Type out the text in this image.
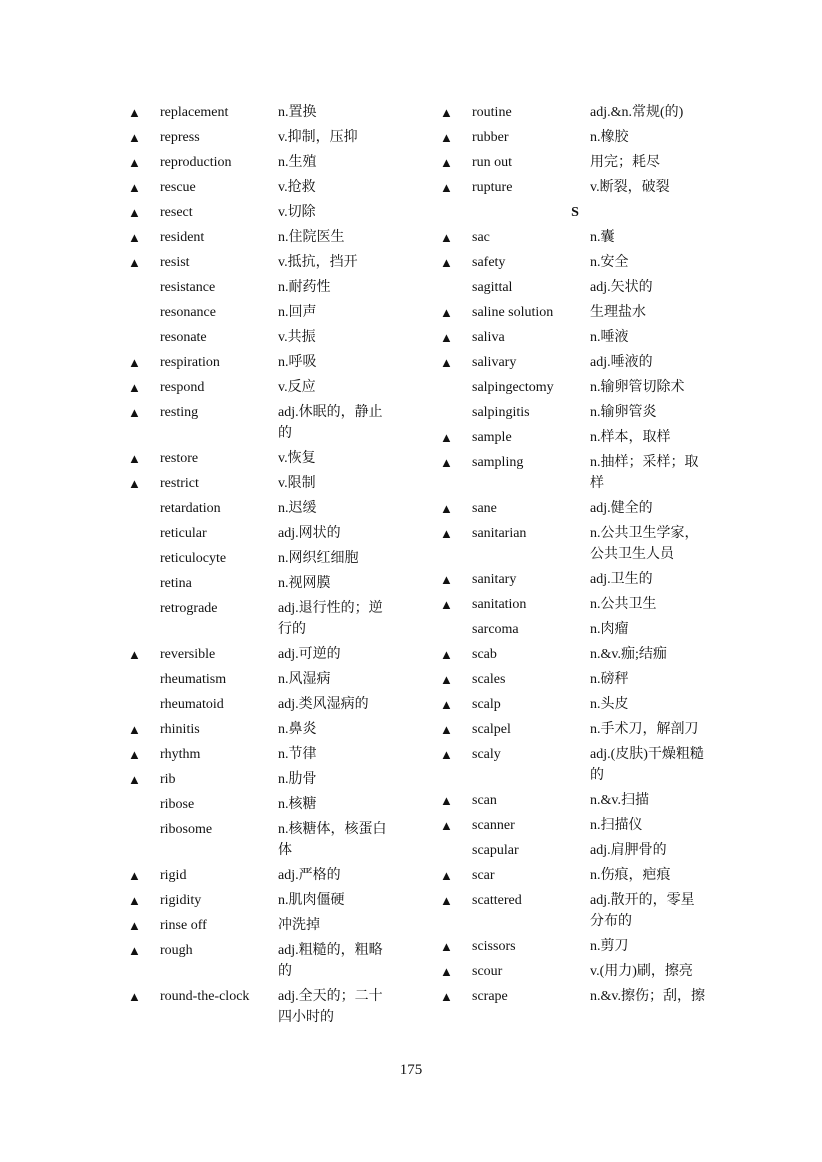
▲	replacement	n.置换
▲	repress	v.抑制，压抑
▲	reproduction	n.生殖
▲	rescue	v.抢救
▲	resect	v.切除
▲	resident	n.住院医生
▲	resist	v.抵抗，挡开
resistance	n.耐药性
resonance	n.回声
resonate	v.共振
▲	respiration	n.呼吸
▲	respond	v.反应
▲	resting	adj.休眠的，静止的
▲	restore	v.恢复
▲	restrict	v.限制
retardation	n.迟缓
reticular	adj.网状的
reticulocyte	n.网织红细胞
retina	n.视网膜
retrograde	adj.退行性的；逆行的
▲	reversible	adj.可逆的
rheumatism	n.风湿病
rheumatoid	adj.类风湿病的
▲	rhinitis	n.鼻炎
▲	rhythm	n.节律
▲	rib	n.肋骨
ribose	n.核糖
ribosome	n.核糖体，核蛋白体
▲	rigid	adj.严格的
▲	rigidity	n.肌肉僵硬
▲	rinse off	冲洗掉
▲	rough	adj.粗糙的，粗略的
▲	round-the-clock adj.全天的；二十四小时的
▲	routine	adj.&n.常规(的)
▲	rubber	n.橡胶
▲	run out	用完；耗尽
▲	rupture	v.断裂，破裂
S
▲	sac	n.囊
▲	safety	n.安全
sagittal	adj.矢状的
▲	saline solution	生理盐水
▲	saliva	n.唾液
▲	salivary	adj.唾液的
salpingectomy	n.输卵管切除术
salpingitis	n.输卵管炎
▲	sample	n.样本，取样
▲	sampling	n.抽样；采样；取样
▲	sane	adj.健全的
▲	sanitarian	n.公共卫生学家，公共卫生人员
▲	sanitary	adj.卫生的
▲	sanitation	n.公共卫生
sarcoma	n.肉瘤
▲	scab	n.&v.痂;结痂
▲	scales	n.磅秤
▲	scalp	n.头皮
▲	scalpel	n.手术刀，解剖刀
▲	scaly	adj.(皮肤)干燥粗糙的
▲	scan	n.&v.扫描
▲	scanner	n.扫描仪
scapular	adj.肩胛骨的
▲	scar	n.伤痕，疤痕
▲	scattered	adj.散开的，零星分布的
▲	scissors	n.剪刀
▲	scour	v.(用力)刷，擦亮
▲	scrape	n.&v.擦伤；刮，擦
175
